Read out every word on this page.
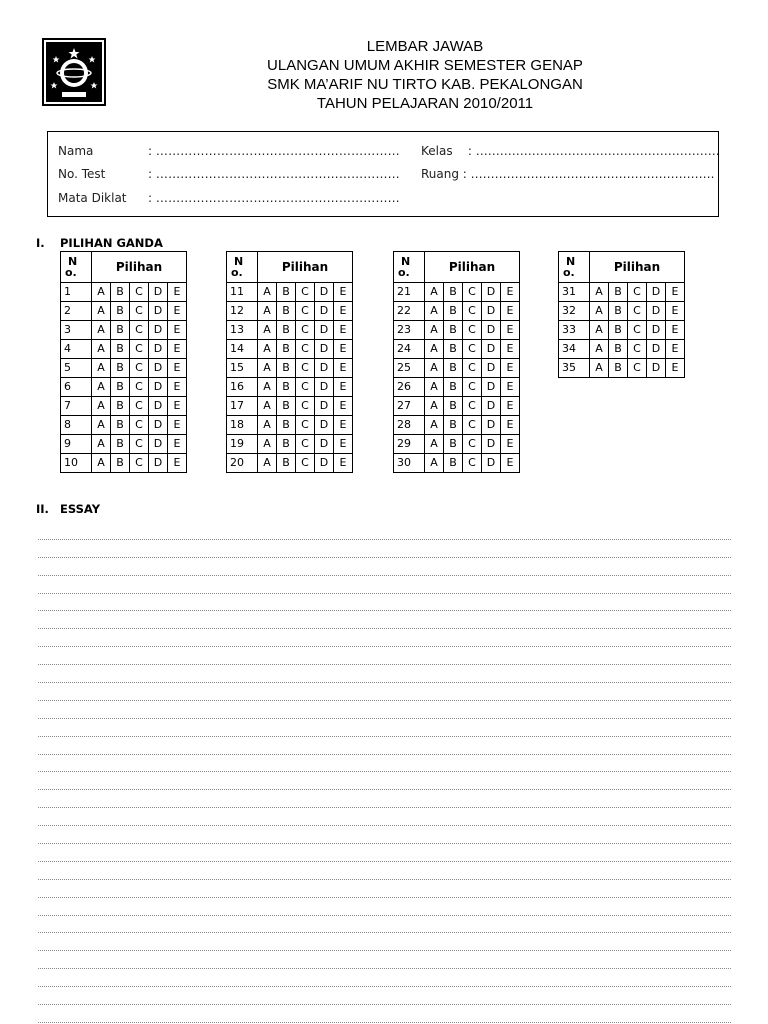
LEMBAR JAWAB
ULANGAN UMUM AKHIR SEMESTER GENAP
SMK MA’ARIF NU TIRTO KAB. PEKALONGAN
TAHUN PELAJARAN 2010/2011
Nama	: ……………………………………………………
No. Test	: ……………………………………………………
Mata Diklat : ……………………………………………………
Kelas : …………………………………………………….
Ruang : …………………………………………………….
I. PILIHAN GANDA
N
o.	Pilihan				
1	A	B	C	D	E
2	A	B	C	D	E
3	A	B	C	D	E
4	A	B	C	D	E
5	A	B	C	D	E
6	A	B	C	D	E
7	A	B	C	D	E
8	A	B	C	D	E
9	A	B	C	D	E
10	A	B	C	D	E
N
o.	Pilihan				
11	A	B	C	D	E
12	A	B	C	D	E
13	A	B	C	D	E
14	A	B	C	D	E
15	A	B	C	D	E
16	A	B	C	D	E
17	A	B	C	D	E
18	A	B	C	D	E
19	A	B	C	D	E
20	A	B	C	D	E
N
o.	Pilihan				
21	A	B	C	D	E
22	A	B	C	D	E
23	A	B	C	D	E
24	A	B	C	D	E
25	A	B	C	D	E
26	A	B	C	D	E
27	A	B	C	D	E
28	A	B	C	D	E
29	A	B	C	D	E
30	A	B	C	D	E
N
o.	Pilihan				
31	A	B	C	D	E
32	A	B	C	D	E
33	A	B	C	D	E
34	A	B	C	D	E
35	A	B	C	D	E
II. ESSAY
